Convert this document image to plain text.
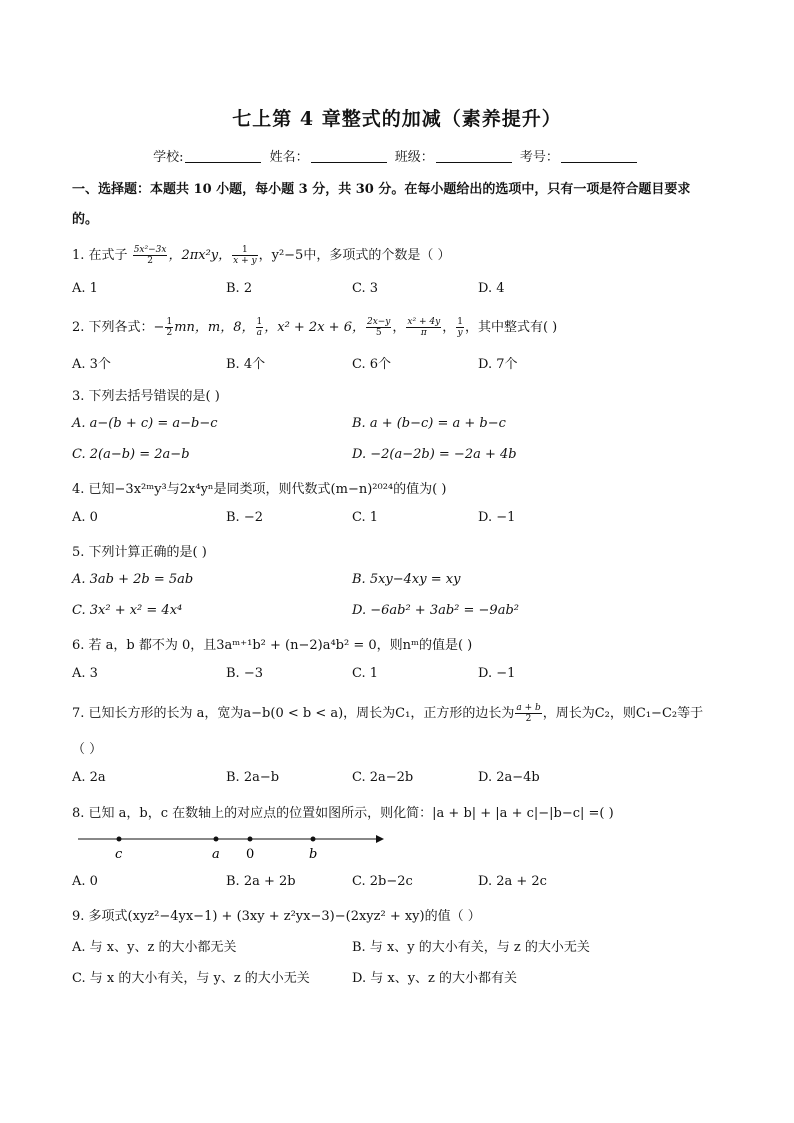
七上第 4 章整式的加减（素养提升）
学校:	姓名：	班级：	考号：
一、选择题：本题共 10 小题，每小题 3 分，共 30 分。在每小题给出的选项中，只有一项是符合题目要求
的。
1. 在式子 $\frac{\text{5x²−3x}}{2}$ ，2πx²y， $\frac{1}{x + y}$ ，y²−5中，多项式的个数是（ ）
A. 1	B. 2	C. 3	D. 4
2. 下列各式：− $\frac{1}{2}$ mn，m，8， $\frac{1}{a}$ ，x² + 2x + 6， $\frac{2x-y}{5}$ ， $\frac{\text{x² + 4y}}{\pi}$ ， $\frac{1}{y}$ ，其中整式有( )
A. 3个	B. 4个	C. 6个	D. 7个
3. 下列去括号错误的是( )
A. a−(b + c) = a−b−c	B. a + (b−c) = a + b−c
C. 2(a−b) = 2a−b	D. −2(a−2b) = −2a + 4b
4. 已知−3x²ᵐy³与2x⁴yⁿ是同类项，则代数式(m−n)²⁰²⁴的值为( )
A. 0	B. −2	C. 1	D. −1
5. 下列计算正确的是( )
A. 3ab + 2b = 5ab	B. 5xy−4xy = xy
C. 3x² + x² = 4x⁴	D. −6ab² + 3ab² = −9ab²
6. 若 a，b 都不为 0，且3aᵐ⁺¹b² + (n−2)a⁴b² = 0，则nᵐ的值是( )
A. 3	B. −3	C. 1	D. −1
7. 已知长方形的长为 a，宽为a−b(0 < b < a)，周长为C₁，正方形的边长为 $\frac{a + b}{2}$ ，周长为C₂，则C₁−C₂等于
（ ）
A. 2a	B. 2a−b	C. 2a−2b	D. 2a−4b
8. 已知 a，b，c 在数轴上的对应点的位置如图所示，则化简：|a + b| + |a + c|−|b−c| =( )
c	a 0	b
A. 0	B. 2a + 2b	C. 2b−2c	D. 2a + 2c
9. 多项式(xyz²−4yx−1) + (3xy + z²yx−3)−(2xyz² + xy)的值（ ）
A. 与 x、y、z 的大小都无关	B. 与 x、y 的大小有关，与 z 的大小无关
C. 与 x 的大小有关，与 y、z 的大小无关	D. 与 x、y、z 的大小都有关
